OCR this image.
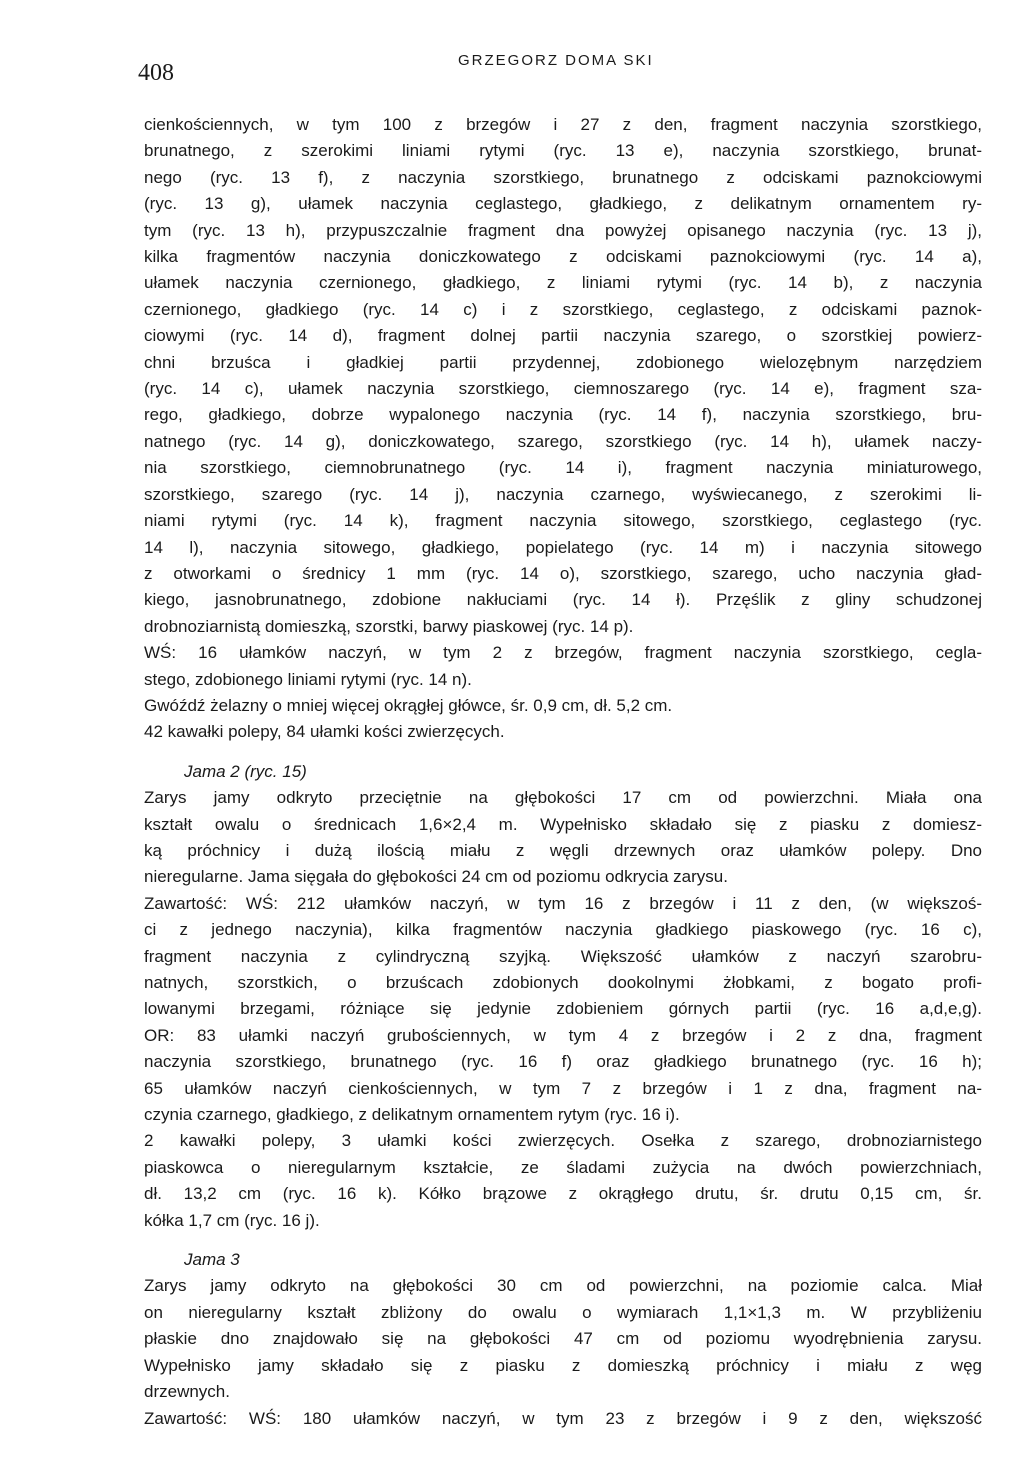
408	GRZEGORZ DOMA SKI
cienkościennych, w tym 100 z brzegów i 27 z den, fragment naczynia szorstkiego,
brunatnego, z szerokimi liniami rytymi (ryc. 13 e), naczynia szorstkiego, brunat-
nego (ryc. 13 f), z naczynia szorstkiego, brunatnego z odciskami paznokciowymi
(ryc. 13 g), ułamek naczynia ceglastego, gładkiego, z delikatnym ornamentem ry-
tym (ryc. 13 h), przypuszczalnie fragment dna powyżej opisanego naczynia (ryc. 13 j),
kilka fragmentów naczynia doniczkowatego z odciskami paznokciowymi (ryc. 14 a),
ułamek naczynia czernionego, gładkiego, z liniami rytymi (ryc. 14 b), z naczynia
czernionego, gładkiego (ryc. 14 c) i z szorstkiego, ceglastego, z odciskami paznok-
ciowymi (ryc. 14 d), fragment dolnej partii naczynia szarego, o szorstkiej powierz-
chni brzuśca i gładkiej partii przydennej, zdobionego wielozębnym narzędziem
(ryc. 14 c), ułamek naczynia szorstkiego, ciemnoszarego (ryc. 14 e), fragment sza-
rego, gładkiego, dobrze wypalonego naczynia (ryc. 14 f), naczynia szorstkiego, bru-
natnego (ryc. 14 g), doniczkowatego, szarego, szorstkiego (ryc. 14 h), ułamek naczy-
nia szorstkiego, ciemnobrunatnego (ryc. 14 i), fragment naczynia miniaturowego,
szorstkiego, szarego (ryc. 14 j), naczynia czarnego, wyświecanego, z szerokimi li-
niami rytymi (ryc. 14 k), fragment naczynia sitowego, szorstkiego, ceglastego (ryc.
14 l), naczynia sitowego, gładkiego, popielatego (ryc. 14 m) i naczynia sitowego
z otworkami o średnicy 1 mm (ryc. 14 o), szorstkiego, szarego, ucho naczynia gład-
kiego, jasnobrunatnego, zdobione nakłuciami (ryc. 14 ł). Przęślik z gliny schudzonej
drobnoziarnistą domieszką, szorstki, barwy piaskowej (ryc. 14 p).
WŚ: 16 ułamków naczyń, w tym 2 z brzegów, fragment naczynia szorstkiego, cegla-
stego, zdobionego liniami rytymi (ryc. 14 n).
Gwóźdź żelazny o mniej więcej okrągłej główce, śr. 0,9 cm, dł. 5,2 cm.
42 kawałki polepy, 84 ułamki kości zwierzęcych.
Jama 2 (ryc. 15)
Zarys jamy odkryto przeciętnie na głębokości 17 cm od powierzchni. Miała ona
kształt owalu o średnicach 1,6×2,4 m. Wypełnisko składało się z piasku z domiesz-
ką próchnicy i dużą ilością miału z węgli drzewnych oraz ułamków polepy. Dno
nieregularne. Jama sięgała do głębokości 24 cm od poziomu odkrycia zarysu.
Zawartość: WŚ: 212 ułamków naczyń, w tym 16 z brzegów i 11 z den, (w większoś-
ci z jednego naczynia), kilka fragmentów naczynia gładkiego piaskowego (ryc. 16 c),
fragment naczynia z cylindryczną szyjką. Większość ułamków z naczyń szarobru-
natnych, szorstkich, o brzuścach zdobionych dookolnymi żłobkami, z bogato profi-
lowanymi brzegami, różniące się jedynie zdobieniem górnych partii (ryc. 16 a,d,e,g).
OR: 83 ułamki naczyń grubościennych, w tym 4 z brzegów i 2 z dna, fragment
naczynia szorstkiego, brunatnego (ryc. 16 f) oraz gładkiego brunatnego (ryc. 16 h);
65 ułamków naczyń cienkościennych, w tym 7 z brzegów i 1 z dna, fragment na-
czynia czarnego, gładkiego, z delikatnym ornamentem rytym (ryc. 16 i).
2 kawałki polepy, 3 ułamki kości zwierzęcych. Osełka z szarego, drobnoziarnistego
piaskowca o nieregularnym kształcie, ze śladami zużycia na dwóch powierzchniach,
dł. 13,2 cm (ryc. 16 k). Kółko brązowe z okrągłego drutu, śr. drutu 0,15 cm, śr.
kółka 1,7 cm (ryc. 16 j).
Jama 3
Zarys jamy odkryto na głębokości 30 cm od powierzchni, na poziomie calca. Miał
on nieregularny kształt zbliżony do owalu o wymiarach 1,1×1,3 m. W przybliżeniu
płaskie dno znajdowało się na głębokości 47 cm od poziomu wyodrębnienia zarysu.
Wypełnisko jamy składało się z piasku z domieszką próchnicy i miału z węg
drzewnych.
Zawartość: WŚ: 180 ułamków naczyń, w tym 23 z brzegów i 9 z den, większość
